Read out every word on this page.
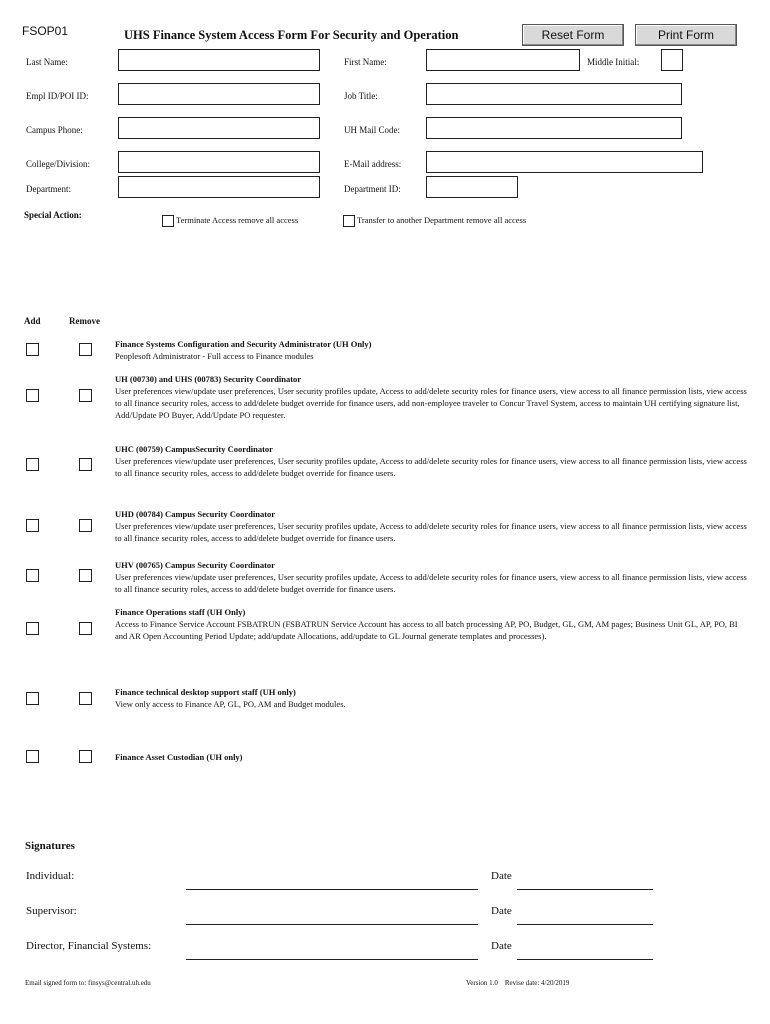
FSOP01	UHS Finance System Access Form For Security and Operation	Reset Form	Print Form
Last Name:	First Name:	Middle Initial:
Empl ID/POI ID:	Job Title:
Campus Phone:	UH Mail Code:
College/Division:	E-Mail address:
Department:	Department ID:
Special Action:	Terminate Access remove all access	Transfer to another Department remove all access
Add	Remove
Finance Systems Configuration and Security Administrator (UH Only)
Peoplesoft Administrator - Full access to Finance modules
UH (00730) and UHS (00783) Security Coordinator
User preferences view/update user preferences, User security profiles update, Access to add/delete security roles for finance users, view access to all finance permission lists, view access to all finance security roles, access to add/delete budget override for finance users, add non-employee traveler to Concur Travel System, access to maintain UH certifying signature list, Add/Update PO Buyer, Add/Update PO requester.
UHC (00759) CampusSecurity Coordinator
User preferences view/update user preferences, User security profiles update, Access to add/delete security roles for finance users, view access to all finance permission lists, view access to all finance security roles, access to add/delete budget override for finance users.
UHD (00784) Campus Security Coordinator
User preferences view/update user preferences, User security profiles update, Access to add/delete security roles for finance users, view access to all finance permission lists, view access to all finance security roles, access to add/delete budget override for finance users.
UHV (00765) Campus Security Coordinator
User preferences view/update user preferences, User security profiles update, Access to add/delete security roles for finance users, view access to all finance permission lists, view access to all finance security roles, access to add/delete budget override for finance users.
Finance Operations staff (UH Only)
Access to Finance Service Account FSBATRUN (FSBATRUN Service Account has access to all batch processing AP, PO, Budget, GL, GM, AM pages; Business Unit GL, AP, PO, BI and AR Open Accounting Period Update; add/update Allocations, add/update to GL Journal generate templates and processes).
Finance technical desktop support staff (UH only)
View only access to Finance AP, GL, PO, AM and Budget modules.
Finance Asset Custodian (UH only)
Signatures
Individual:	Date
Supervisor:	Date
Director, Financial Systems:	Date
Email signed form to: finsys@central.uh.edu	Version 1.0    Revise date: 4/20/2019
